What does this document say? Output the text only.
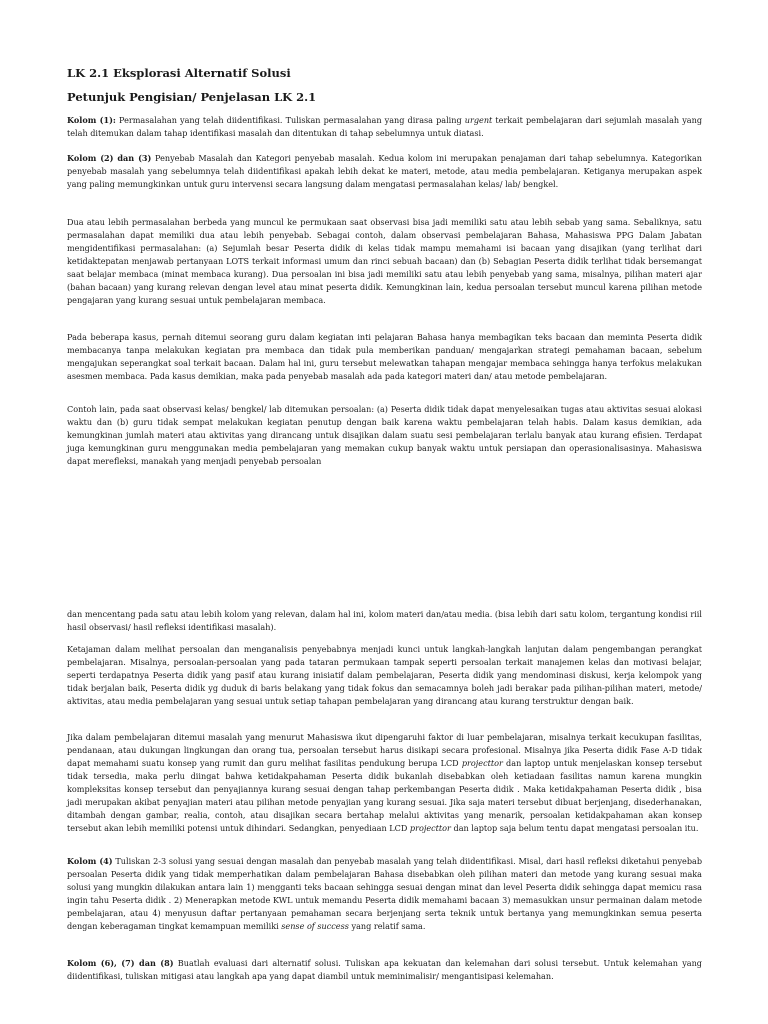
LK 2.1 Eksplorasi Alternatif Solusi
Petunjuk Pengisian/ Penjelasan LK 2.1

Kolom (1): Permasalahan yang telah diidentifikasi. Tuliskan permasalahan yang dirasa paling urgent terkait pembelajaran dari sejumlah masalah yang telah ditemukan dalam tahap identifikasi masalah dan ditentukan di tahap sebelumnya untuk diatasi.

Kolom (2) dan (3) Penyebab Masalah dan Kategori penyebab masalah. Kedua kolom ini merupakan penajaman dari tahap sebelumnya. Kategorikan penyebab masalah yang sebelumnya telah diidentifikasi apakah lebih dekat ke materi, metode, atau media pembelajaran. Ketiganya merupakan aspek yang paling memungkinkan untuk guru intervensi secara langsung dalam mengatasi permasalahan kelas/ lab/ bengkel.

Dua atau lebih permasalahan berbeda yang muncul ke permukaan saat observasi bisa jadi memiliki satu atau lebih sebab yang sama. Sebaliknya, satu permasalahan dapat memiliki dua atau lebih penyebab. Sebagai contoh, dalam observasi pembelajaran Bahasa, Mahasiswa PPG Dalam Jabatan mengidentifikasi permasalahan: (a) Sejumlah besar Peserta didik di kelas tidak mampu memahami isi bacaan yang disajikan (yang terlihat dari ketidaktepatan menjawab pertanyaan LOTS terkait informasi umum dan rinci sebuah bacaan) dan (b) Sebagian Peserta didik terlihat tidak bersemangat saat belajar membaca (minat membaca kurang). Dua persoalan ini bisa jadi memiliki satu atau lebih penyebab yang sama, misalnya, pilihan materi ajar (bahan bacaan) yang kurang relevan dengan level atau minat peserta didik. Kemungkinan lain, kedua persoalan tersebut muncul karena pilihan metode pengajaran yang kurang sesuai untuk pembelajaran membaca.

Pada beberapa kasus, pernah ditemui seorang guru dalam kegiatan inti pelajaran Bahasa hanya membagikan teks bacaan dan meminta Peserta didik membacanya tanpa melakukan kegiatan pra membaca dan tidak pula memberikan panduan/ mengajarkan strategi pemahaman bacaan, sebelum mengajukan seperangkat soal terkait bacaan. Dalam hal ini, guru tersebut melewatkan tahapan mengajar membaca sehingga hanya terfokus melakukan asesmen membaca. Pada kasus demikian, maka pada penyebab masalah ada pada kategori materi dan/ atau metode pembelajaran.

Contoh lain, pada saat observasi kelas/ bengkel/ lab ditemukan persoalan: (a) Peserta didik tidak dapat menyelesaikan tugas atau aktivitas sesuai alokasi waktu dan (b) guru tidak sempat melakukan kegiatan penutup dengan baik karena waktu pembelajaran telah habis. Dalam kasus demikian, ada kemungkinan jumlah materi atau aktivitas yang dirancang untuk disajikan dalam suatu sesi pembelajaran terlalu banyak atau kurang efisien. Terdapat juga kemungkinan guru menggunakan media pembelajaran yang memakan cukup banyak waktu untuk persiapan dan operasionalisasinya. Mahasiswa dapat merefleksi, manakah yang menjadi penyebab persoalan

dan mencentang pada satu atau lebih kolom yang relevan, dalam hal ini, kolom materi dan/atau media. (bisa lebih dari satu kolom, tergantung kondisi riil hasil observasi/ hasil refleksi identifikasi masalah).

Ketajaman dalam melihat persoalan dan menganalisis penyebabnya menjadi kunci untuk langkah-langkah lanjutan dalam pengembangan perangkat pembelajaran. Misalnya, persoalan-persoalan yang pada tataran permukaan tampak seperti persoalan terkait manajemen kelas dan motivasi belajar, seperti terdapatnya Peserta didik yang pasif atau kurang inisiatif dalam pembelajaran, Peserta didik yang mendominasi diskusi, kerja kelompok yang tidak berjalan baik, Peserta didik yg duduk di baris belakang yang tidak fokus dan semacamnya boleh jadi berakar pada pilihan-pilihan materi, metode/ aktivitas, atau media pembelajaran yang sesuai untuk setiap tahapan pembelajaran yang dirancang atau kurang terstruktur dengan baik.

Jika dalam pembelajaran ditemui masalah yang menurut Mahasiswa ikut dipengaruhi faktor di luar pembelajaran, misalnya terkait kecukupan fasilitas, pendanaan, atau dukungan lingkungan dan orang tua, persoalan tersebut harus disikapi secara profesional. Misalnya jika Peserta didik Fase A-D tidak dapat memahami suatu konsep yang rumit dan guru melihat fasilitas pendukung berupa LCD projecttor dan laptop untuk menjelaskan konsep tersebut tidak tersedia, maka perlu diingat bahwa ketidakpahaman Peserta didik bukanlah disebabkan oleh ketiadaan fasilitas namun karena mungkin kompleksitas konsep tersebut dan penyajiannya kurang sesuai dengan tahap perkembangan Peserta didik . Maka ketidakpahaman Peserta didik , bisa jadi merupakan akibat penyajian materi atau pilihan metode penyajian yang kurang sesuai. Jika saja materi tersebut dibuat berjenjang, disederhanakan, ditambah dengan gambar, realia, contoh, atau disajikan secara bertahap melalui aktivitas yang menarik, persoalan ketidakpahaman akan konsep tersebut akan lebih memiliki potensi untuk dihindari. Sedangkan, penyediaan LCD projecttor dan laptop saja belum tentu dapat mengatasi persoalan itu.

Kolom (4) Tuliskan 2-3 solusi yang sesuai dengan masalah dan penyebab masalah yang telah diidentifikasi. Misal, dari hasil refleksi diketahui penyebab persoalan Peserta didik yang tidak memperhatikan dalam pembelajaran Bahasa disebabkan oleh pilihan materi dan metode yang kurang sesuai maka solusi yang mungkin dilakukan antara lain 1) mengganti teks bacaan sehingga sesuai dengan minat dan level Peserta didik sehingga dapat memicu rasa ingin tahu Peserta didik . 2) Menerapkan metode KWL untuk memandu Peserta didik memahami bacaan 3) memasukkan unsur permainan dalam metode pembelajaran, atau 4) menyusun daftar pertanyaan pemahaman secara berjenjang serta teknik untuk bertanya yang memungkinkan semua peserta dengan keberagaman tingkat kemampuan memiliki sense of success yang relatif sama.

Kolom (6), (7) dan (8) Buatlah evaluasi dari alternatif solusi. Tuliskan apa kekuatan dan kelemahan dari solusi tersebut. Untuk kelemahan yang diidentifikasi, tuliskan mitigasi atau langkah apa yang dapat diambil untuk meminimalisir/ mengantisipasi kelemahan.
